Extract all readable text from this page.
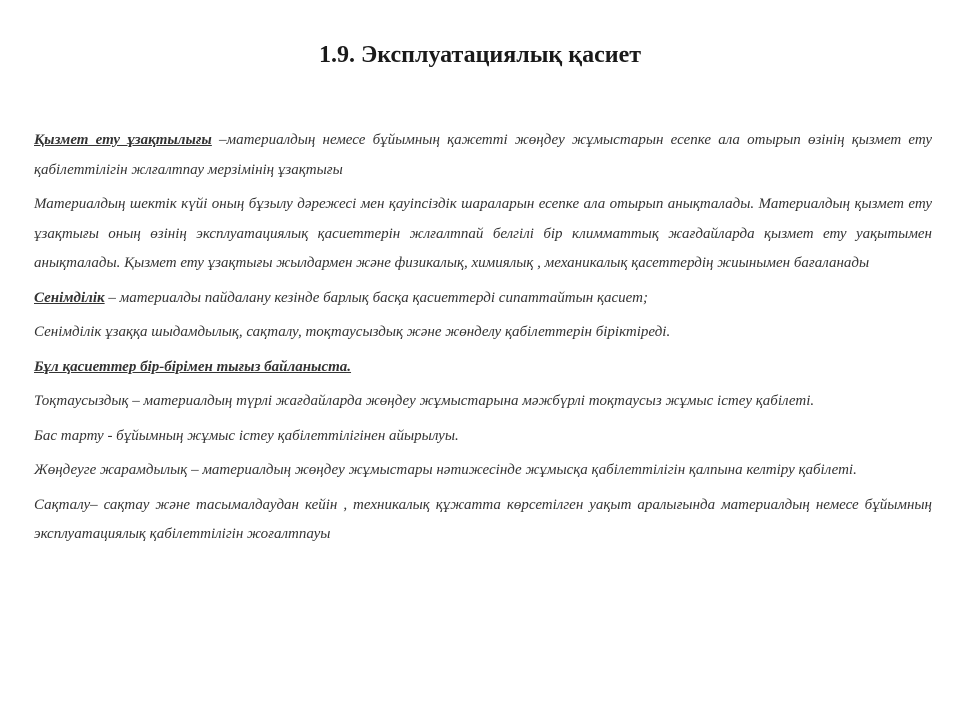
1.9. Эксплуатациялық қасиет

Қызмет ету ұзақтылығы –материалдың немесе бұйымның қажетті жөңдеу жұмыстарын есепке ала отырып өзінің қызмет ету қабілеттілігін жлғалтпау мерзімінің ұзақтығы

Материалдың шектік күйі оның бұзылу дәрежесі мен қауіпсіздік шараларын есепке ала отырып анықталады. Материалдың қызмет ету ұзақтығы оның өзінің эксплуатациялық қасиеттерін жлғалтпай белгілі бір климматтық жағдайларда қызмет ету уақытымен анықталады. Қызмет ету ұзақтығы жылдармен және физикалық, химиялық , механикалық қасеттердің жиынымен бағаланады

Сенімділік – материалды пайдалану кезінде барлық басқа қасиеттерді сипаттайтын қасиет;

Сенімділік ұзаққа шыдамдылық, сақталу, тоқтаусыздық және жөнделу қабілеттерін біріктіреді.

Бұл қасиеттер бір-бірімен тығыз байланыста.

Тоқтаусыздық – материалдың түрлі жағдайларда жөңдеу жұмыстарына мәжбүрлі тоқтаусыз жұмыс істеу қабілеті.

Бас тарту - бұйымның жұмыс істеу қабілеттілігінен айырылуы.

Жөңдеуге жарамдылық – материалдың жөңдеу жұмыстары нәтижесінде жұмысқа қабілеттілігін қалпына келтіру қабілеті.

Сақталу– сақтау және тасымалдаудан кейін , техникалық құжатта көрсетілген уақыт аралығында материалдың немесе бұйымның эксплуатациялық қабілеттілігін жоғалтпауы
